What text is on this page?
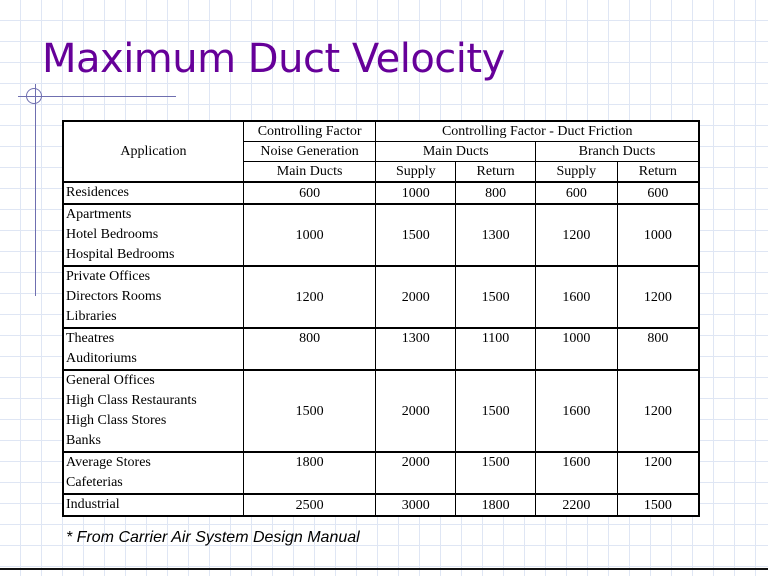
Maximum Duct Velocity
Application	Controlling Factor	Controlling Factor - Duct Friction			
	Noise Generation	Main Ducts		Branch Ducts	
	Main Ducts	Supply	Return	Supply	Return

Residences	600	1000	800	600	600

Apartments
Hotel Bedrooms
Hospital Bedrooms	1000	1500	1300	1200	1000

Private Offices
Directors Rooms
Libraries	1200	2000	1500	1600	1200

Theatres
Auditoriums	800	1300	1100	1000	800

General Offices
High Class Restaurants
High Class Stores
Banks	1500	2000	1500	1600	1200

Average Stores
Cafeterias	1800	2000	1500	1600	1200

Industrial	2500	3000	1800	2200	1500
* From Carrier Air System Design Manual
